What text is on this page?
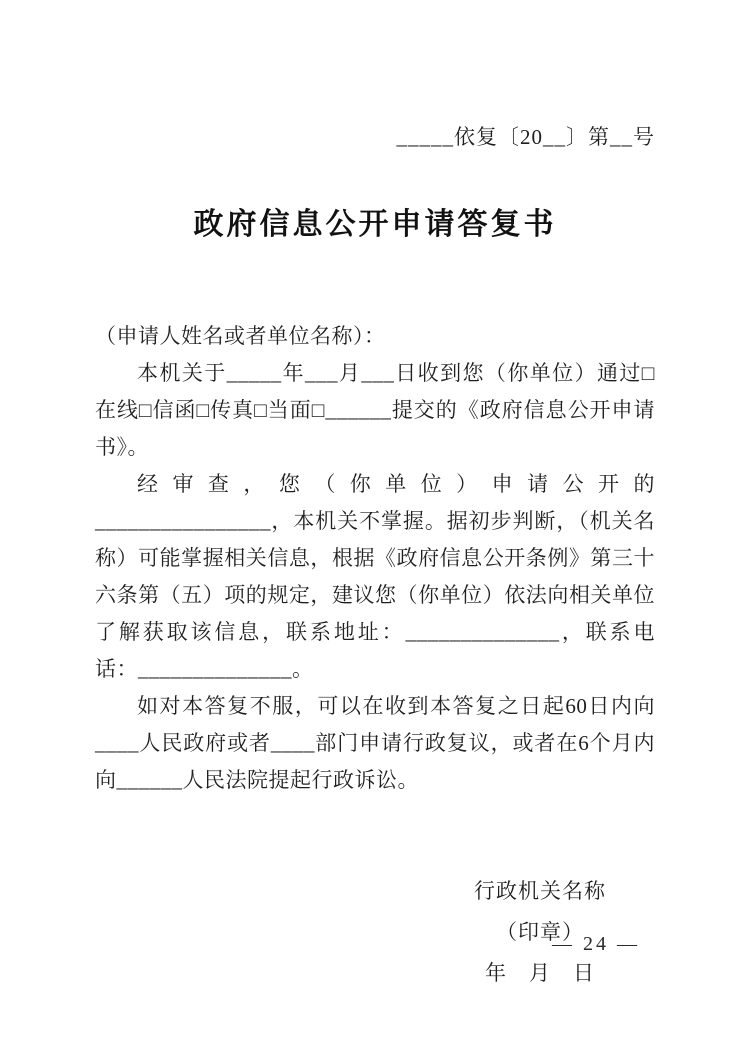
_____依复〔20__〕第__号
政府信息公开申请答复书

（申请人姓名或者单位名称）：

本机关于_____年___月___日收到您（你单位）通过□在线□信函□传真□当面□______提交的《政府信息公开申请书》。

经审查，您（你单位）申请公开的________________，本机关不掌握。据初步判断，（机关名称）可能掌握相关信息，根据《政府信息公开条例》第三十六条第（五）项的规定，建议您（你单位）依法向相关单位了解获取该信息，联系地址：______________，联系电话：______________。

如对本答复不服，可以在收到本答复之日起60日内向____人民政府或者____部门申请行政复议，或者在6个月内向______人民法院提起行政诉讼。

行政机关名称
（印章）
年　月　日
— 24 —
